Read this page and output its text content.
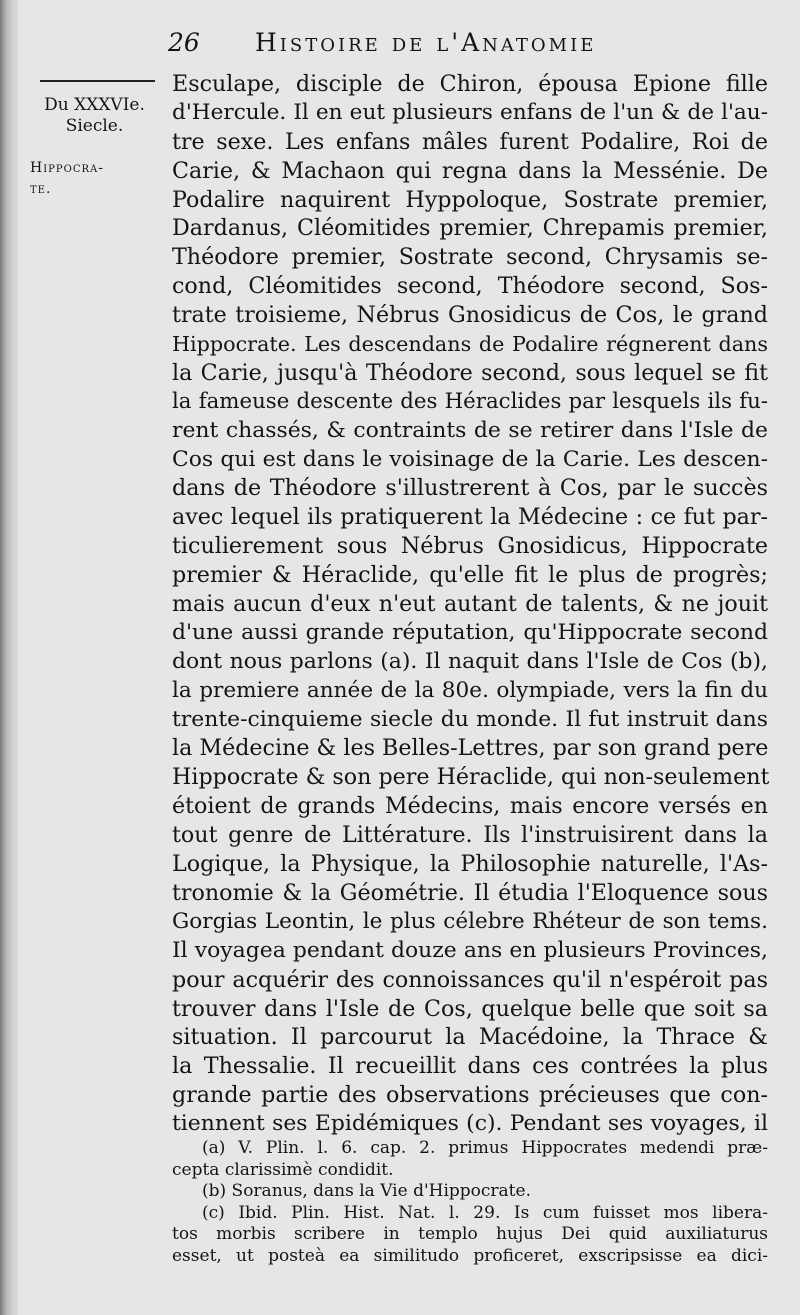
26 Histoire de l'Anatomie
Du XXXVIe.
Siecle.
Hippocra-
te.
Esculape, disciple de Chiron, épousa Epione fille
d'Hercule. Il en eut plusieurs enfans de l'un & de l'au-
tre sexe. Les enfans mâles furent Podalire, Roi de
Carie, & Machaon qui regna dans la Messénie. De
Podalire naquirent Hyppoloque, Sostrate premier,
Dardanus, Cléomitides premier, Chrepamis premier,
Théodore premier, Sostrate second, Chrysamis se-
cond, Cléomitides second, Théodore second, Sos-
trate troisieme, Nébrus Gnosidicus de Cos, le grand
Hippocrate. Les descendans de Podalire régnerent dans
la Carie, jusqu'à Théodore second, sous lequel se fit
la fameuse descente des Héraclides par lesquels ils fu-
rent chassés, & contraints de se retirer dans l'Isle de
Cos qui est dans le voisinage de la Carie. Les descen-
dans de Théodore s'illustrerent à Cos, par le succès
avec lequel ils pratiquerent la Médecine : ce fut par-
ticulierement sous Nébrus Gnosidicus, Hippocrate
premier & Héraclide, qu'elle fit le plus de progrès;
mais aucun d'eux n'eut autant de talents, & ne jouit
d'une aussi grande réputation, qu'Hippocrate second
dont nous parlons (a). Il naquit dans l'Isle de Cos (b),
la premiere année de la 80e. olympiade, vers la fin du
trente-cinquieme siecle du monde. Il fut instruit dans
la Médecine & les Belles-Lettres, par son grand pere
Hippocrate & son pere Héraclide, qui non-seulement
étoient de grands Médecins, mais encore versés en
tout genre de Littérature. Ils l'instruisirent dans la
Logique, la Physique, la Philosophie naturelle, l'As-
tronomie & la Géométrie. Il étudia l'Eloquence sous
Gorgias Leontin, le plus célebre Rhéteur de son tems.
Il voyagea pendant douze ans en plusieurs Provinces,
pour acquérir des connoissances qu'il n'espéroit pas
trouver dans l'Isle de Cos, quelque belle que soit sa
situation. Il parcourut la Macédoine, la Thrace &
la Thessalie. Il recueillit dans ces contrées la plus
grande partie des observations précieuses que con-
tiennent ses Epidémiques (c). Pendant ses voyages, il
(a) V. Plin. l. 6. cap. 2. primus Hippocrates medendi præ-
cepta clarissimè condidit.
(b) Soranus, dans la Vie d'Hippocrate.
(c) Ibid. Plin. Hist. Nat. l. 29. Is cum fuisset mos libera-
tos morbis scribere in templo hujus Dei quid auxiliaturus
esset, ut posteà ea similitudo proficeret, exscripsisse ea dici-
